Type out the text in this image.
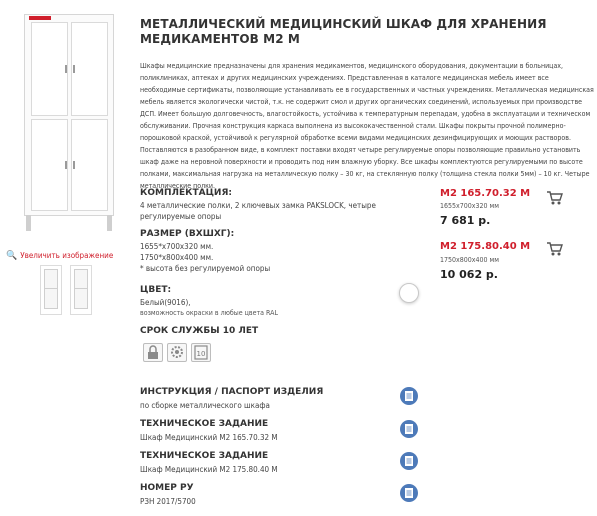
🔍 Увеличить изображение
МЕТАЛЛИЧЕСКИЙ МЕДИЦИНСКИЙ ШКАФ ДЛЯ ХРАНЕНИЯ МЕДИКАМЕНТОВ М2 М
Шкафы медицинские предназначены для хранения медикаментов, медицинского оборудования, документации в больницах, поликлиниках, аптеках и других медицинских учреждениях. Представленная в каталоге медицинская мебель имеет все необходимые сертификаты, позволяющие устанавливать ее в государственных и частных учреждениях. Металлическая медицинская мебель является экологически чистой, т.к. не содержит смол и других органических соединений, используемых при производстве ДСП. Имеет большую долговечность, влагостойкость, устойчива к температурным перепадам, удобна в эксплуатации и техническом обслуживании. Прочная конструкция каркаса выполнена из высококачественной стали. Шкафы покрыты прочной полимерно-порошковой краской, устойчивой к регулярной обработке всеми видами медицинских дезинфицирующих и моющих растворов. Поставляются в разобранном виде, в комплект поставки входят четыре регулируемые опоры позволяющие правильно установить шкаф даже на неровной поверхности и проводить под ним влажную уборку. Все шкафы комплектуются регулируемыми по высоте полками, максимальная нагрузка на металлическую полку – 30 кг, на стеклянную полку (толщина стекла полки 5мм) – 10 кг. Четыре металлические полки.
КОМПЛЕКТАЦИЯ:
4 металлические полки, 2 ключевых замка PAKSLOCK, четыре регулируемые опоры
РАЗМЕР (ВХШХГ):
1655*х700х320 мм.
1750*х800х400 мм.
* высота без регулируемой опоры
ЦВЕТ:
Белый(9016),
возможность окраски в любые цвета RAL
СРОК СЛУЖБЫ 10 ЛЕТ
10
М2 165.70.32 М
1655х700х320 мм
7 681 р.
М2 175.80.40 М
1750х800х400 мм
10 062 р.
ИНСТРУКЦИЯ / ПАСПОРТ ИЗДЕЛИЯ
по сборке металлического шкафа
ТЕХНИЧЕСКОЕ ЗАДАНИЕ
Шкаф Медицинский М2 165.70.32 М
ТЕХНИЧЕСКОЕ ЗАДАНИЕ
Шкаф Медицинский М2 175.80.40 М
НОМЕР РУ
РЗН 2017/5700
